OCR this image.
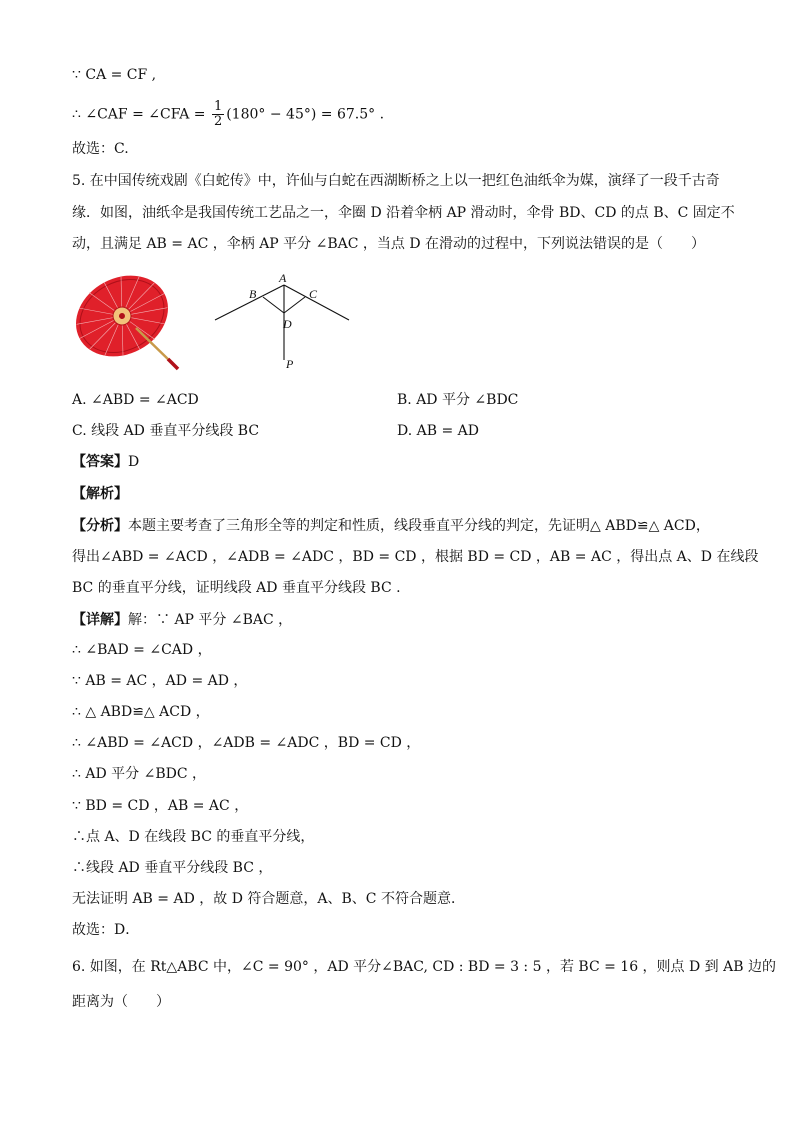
∵ CA = CF ,
∴ ∠CAF = ∠CFA = $\frac{1}{2} (180^\circ - 45^\circ) = 67.5^\circ$ .
故选：C.
5. 在中国传统戏剧《白蛇传》中，许仙与白蛇在西湖断桥之上以一把红色油纸伞为媒，演绎了一段千古奇
缘．如图，油纸伞是我国传统工艺品之一，伞圈 D 沿着伞柄 AP 滑动时，伞骨 BD、CD 的点 B、C 固定不
动，且满足 AB = AC ，伞柄 AP 平分 ∠BAC ，当点 D 在滑动的过程中，下列说法错误的是（　　）
A
B	C
D
P
A. ∠ABD = ∠ACD	B. AD 平分 ∠BDC
C. 线段 AD 垂直平分线段 BC	D. AB = AD
【答案】D
【解析】
【分析】本题主要考查了三角形全等的判定和性质，线段垂直平分线的判定，先证明△ ABD≌△ ACD，
得出∠ABD = ∠ACD ，∠ADB = ∠ADC ，BD = CD ，根据 BD = CD ，AB = AC ，得出点 A、D 在线段
BC 的垂直平分线，证明线段 AD 垂直平分线段 BC .
【详解】解：∵ AP 平分 ∠BAC ，
∴ ∠BAD = ∠CAD ，
∵ AB = AC ，AD = AD ，
∴ △ ABD≌△ ACD ，
∴ ∠ABD = ∠ACD ，∠ADB = ∠ADC ，BD = CD ，
∴ AD 平分 ∠BDC ，
∵ BD = CD ，AB = AC ，
∴点 A、D 在线段 BC 的垂直平分线，
∴线段 AD 垂直平分线段 BC ，
无法证明 AB = AD ，故 D 符合题意，A、B、C 不符合题意．
故选：D．
6. 如图，在 Rt△ABC 中，∠C = 90° ，AD 平分∠BAC, CD : BD = 3 : 5 ，若 BC = 16 ，则点 D 到 AB 边的
距离为（　　）
